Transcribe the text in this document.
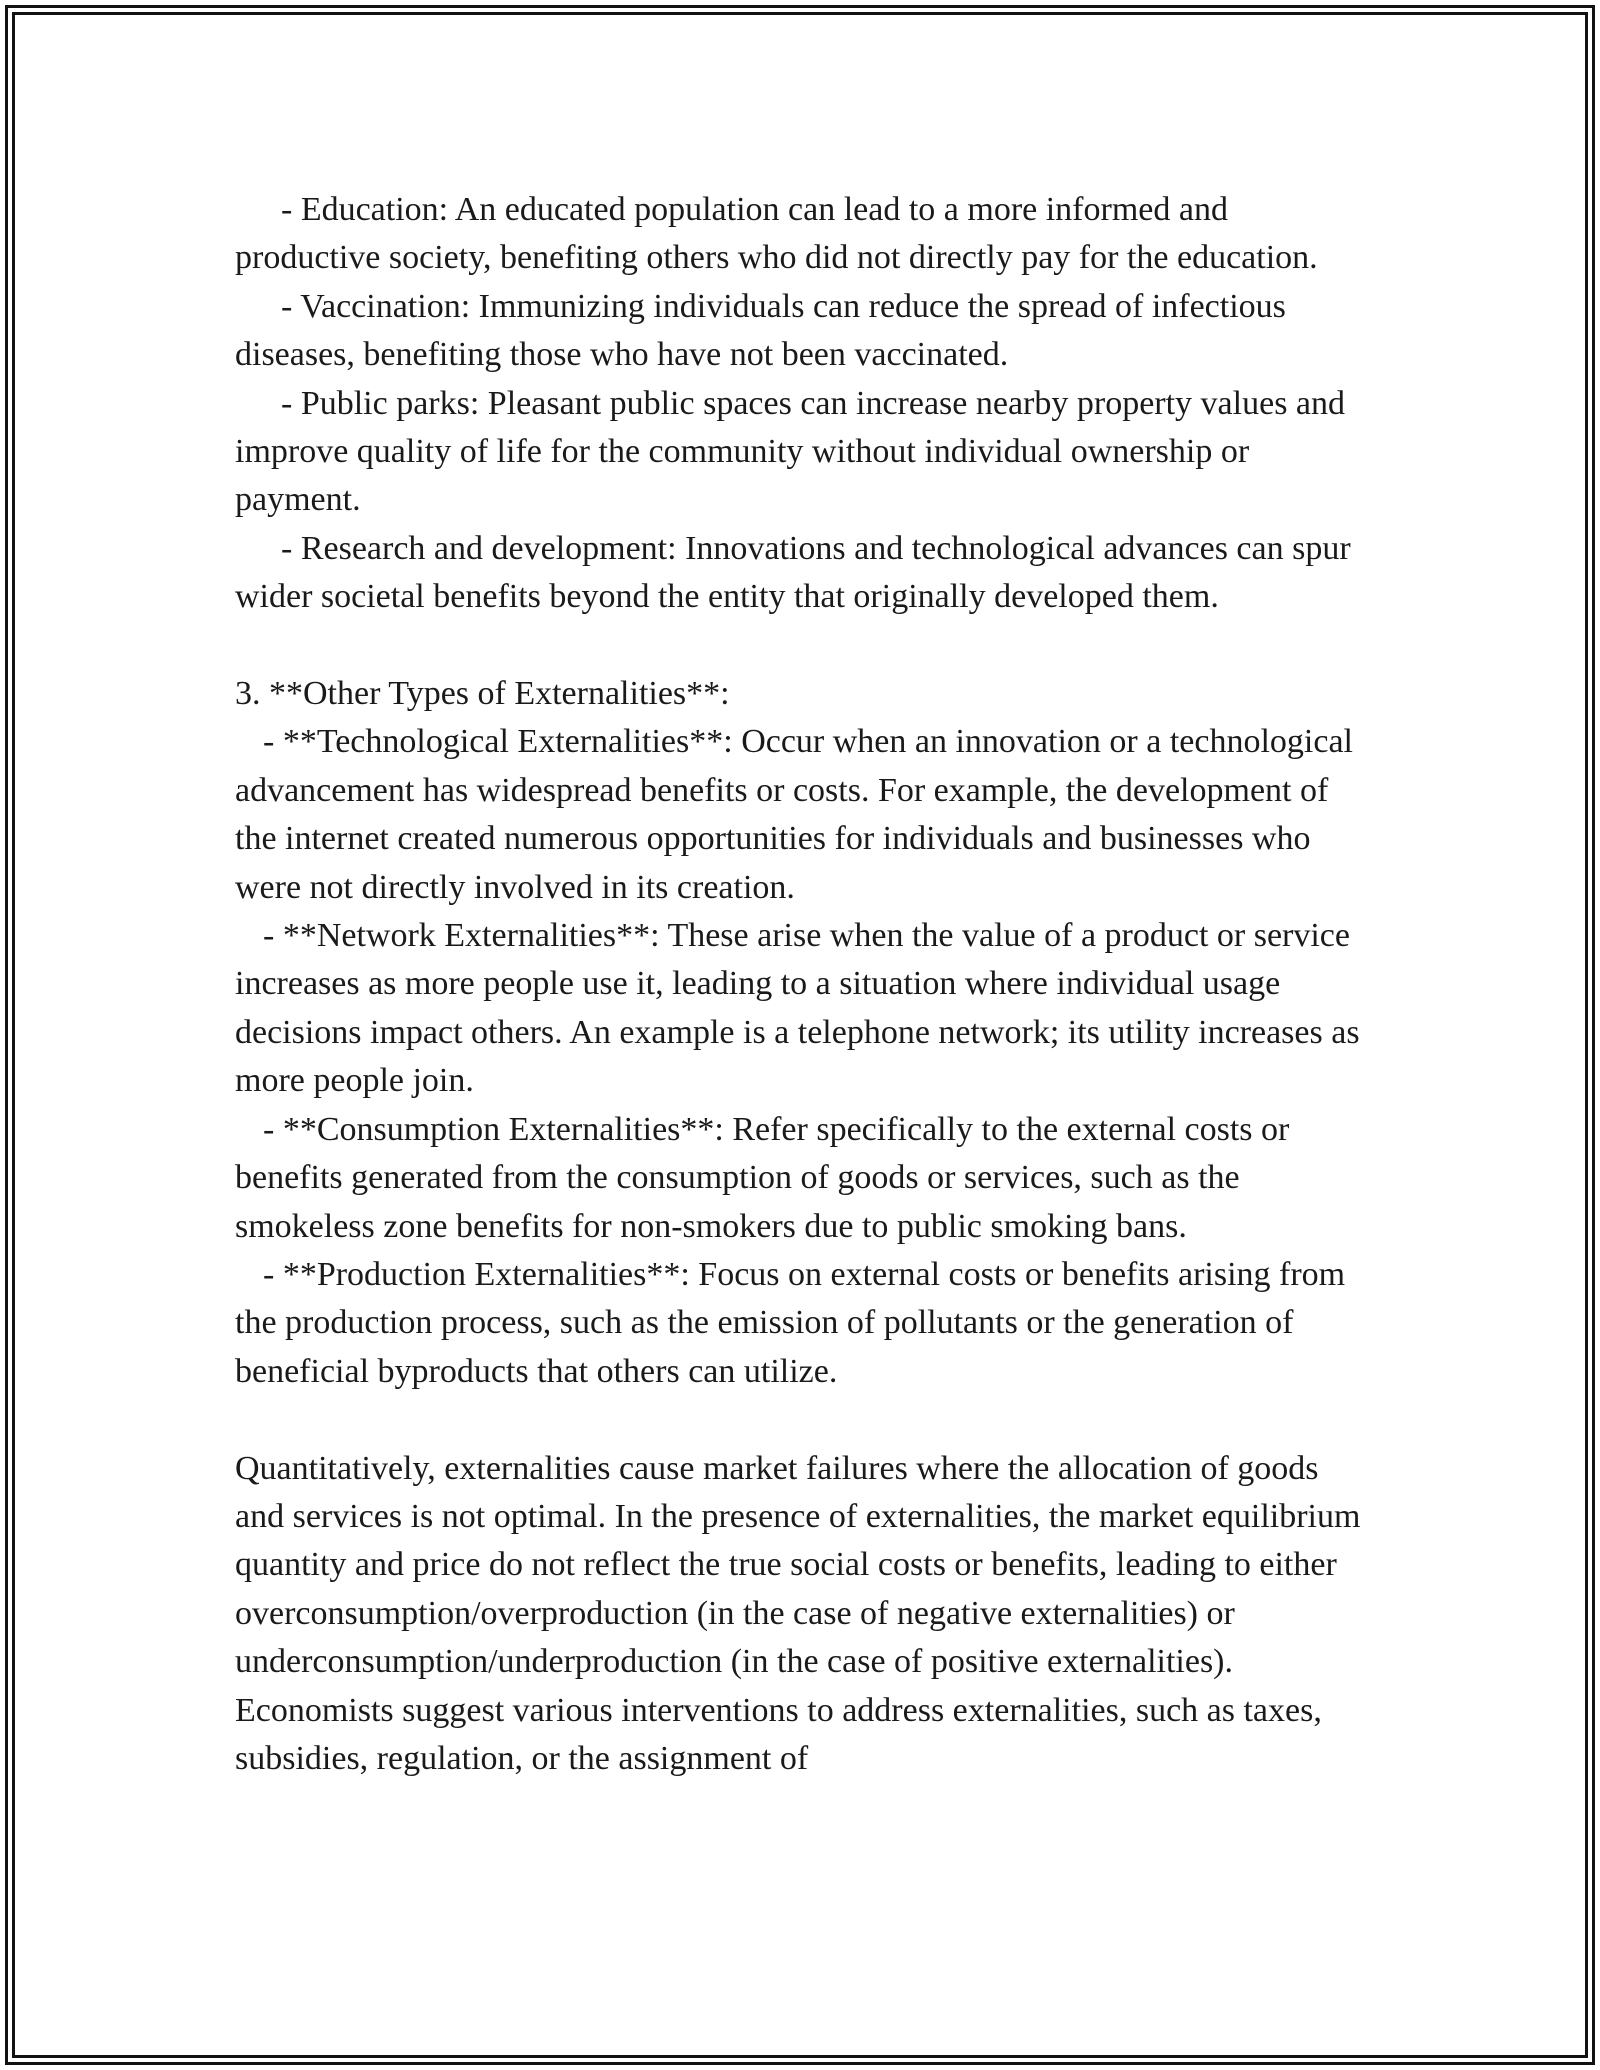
- Education: An educated population can lead to a more informed and productive society, benefiting others who did not directly pay for the education.

- Vaccination: Immunizing individuals can reduce the spread of infectious diseases, benefiting those who have not been vaccinated.

- Public parks: Pleasant public spaces can increase nearby property values and improve quality of life for the community without individual ownership or payment.

- Research and development: Innovations and technological advances can spur wider societal benefits beyond the entity that originally developed them.

3. **Other Types of Externalities**:

- **Technological Externalities**: Occur when an innovation or a technological advancement has widespread benefits or costs. For example, the development of the internet created numerous opportunities for individuals and businesses who were not directly involved in its creation.

- **Network Externalities**: These arise when the value of a product or service increases as more people use it, leading to a situation where individual usage decisions impact others. An example is a telephone network; its utility increases as more people join.

- **Consumption Externalities**: Refer specifically to the external costs or benefits generated from the consumption of goods or services, such as the smokeless zone benefits for non-smokers due to public smoking bans.

- **Production Externalities**: Focus on external costs or benefits arising from the production process, such as the emission of pollutants or the generation of beneficial byproducts that others can utilize.

Quantitatively, externalities cause market failures where the allocation of goods and services is not optimal. In the presence of externalities, the market equilibrium quantity and price do not reflect the true social costs or benefits, leading to either overconsumption/overproduction (in the case of negative externalities) or underconsumption/underproduction (in the case of positive externalities). Economists suggest various interventions to address externalities, such as taxes, subsidies, regulation, or the assignment of
